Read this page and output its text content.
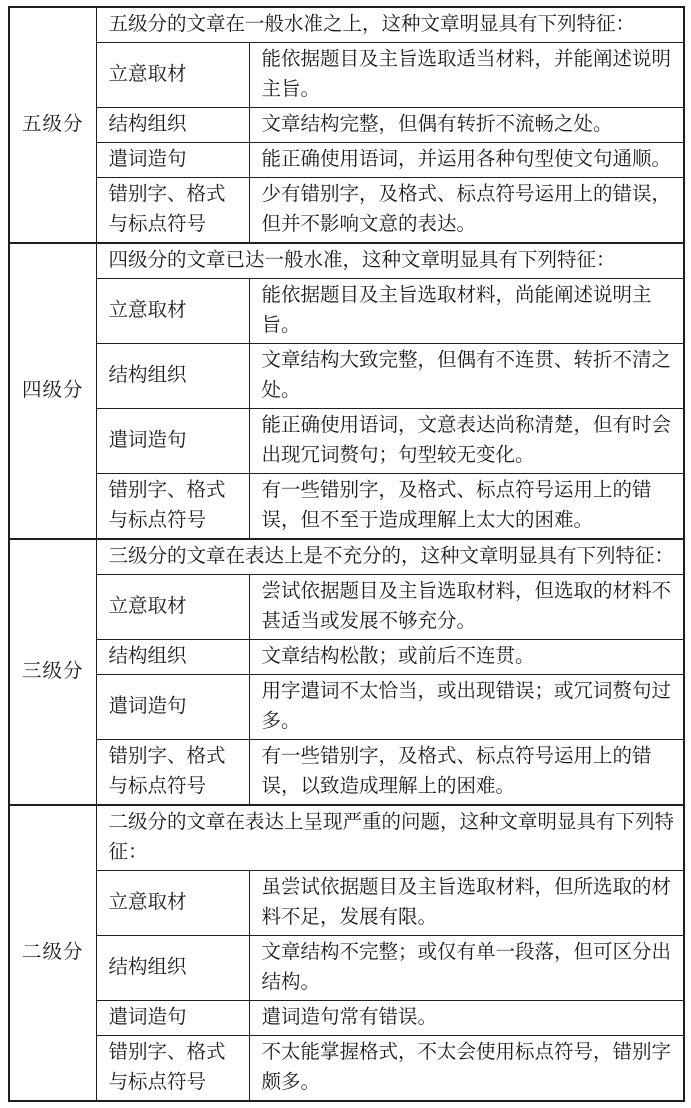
五级分	五级分的文章在一般水准之上，这种文章明显具有下列特征：	
	立意取材	能依据题目及主旨选取适当材料，并能阐述说明主旨。
	结构组织	文章结构完整，但偶有转折不流畅之处。
	遣词造句	能正确使用语词，并运用各种句型使文句通顺。
	错别字、格式与标点符号	少有错别字，及格式、标点符号运用上的错误，但并不影响文意的表达。
四级分	四级分的文章已达一般水准，这种文章明显具有下列特征：	
	立意取材	能依据题目及主旨选取材料，尚能阐述说明主旨。
	结构组织	文章结构大致完整，但偶有不连贯、转折不清之处。
	遣词造句	能正确使用语词，文意表达尚称清楚，但有时会出现冗词赘句；句型较无变化。
	错别字、格式与标点符号	有一些错别字，及格式、标点符号运用上的错误，但不至于造成理解上太大的困难。
三级分	三级分的文章在表达上是不充分的，这种文章明显具有下列特征：	
	立意取材	尝试依据题目及主旨选取材料，但选取的材料不甚适当或发展不够充分。
	结构组织	文章结构松散；或前后不连贯。
	遣词造句	用字遣词不太恰当，或出现错误；或冗词赘句过多。
	错别字、格式与标点符号	有一些错别字，及格式、标点符号运用上的错误，以致造成理解上的困难。
二级分	二级分的文章在表达上呈现严重的问题，这种文章明显具有下列特征：	
	立意取材	虽尝试依据题目及主旨选取材料，但所选取的材料不足，发展有限。
	结构组织	文章结构不完整；或仅有单一段落，但可区分出结构。
	遣词造句	遣词造句常有错误。
	错别字、格式与标点符号	不太能掌握格式，不太会使用标点符号，错别字颇多。
